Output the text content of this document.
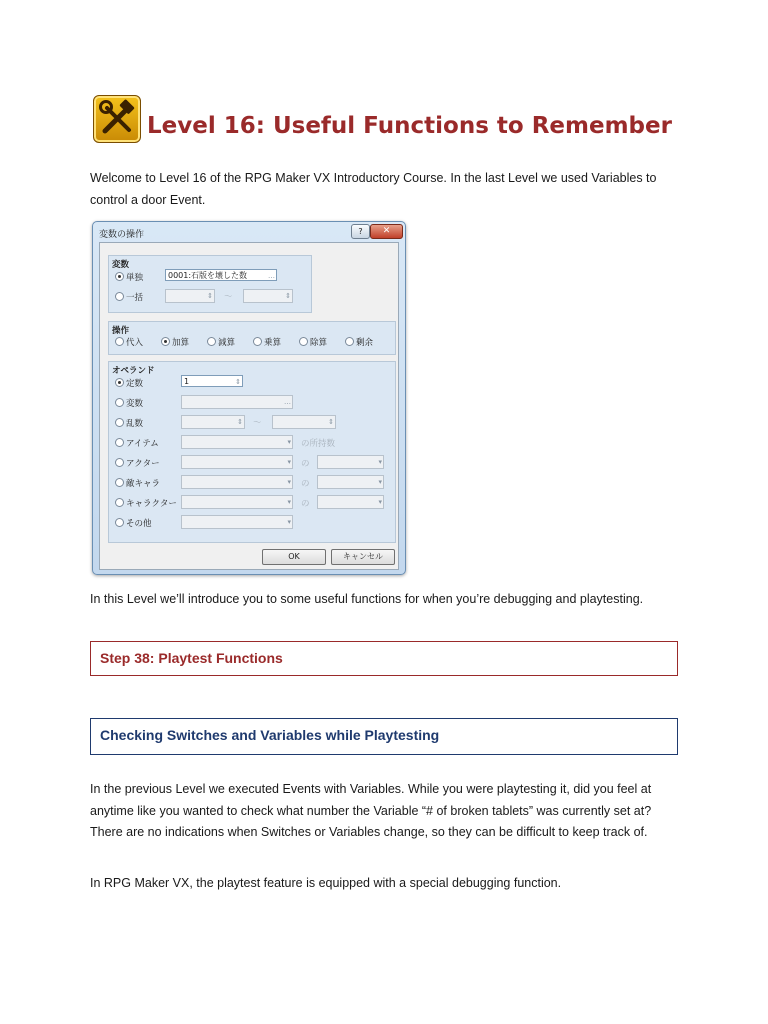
Level 16: Useful Functions to Remember

Welcome to Level 16 of the RPG Maker VX Introductory Course. In the last Level we used Variables to control a door Event.

変数の操作	?	✕
変数
単独	0001:石版を壊した数	…
一括	⇕ 〜	⇕
操作
代入	加算	減算	乗算	除算	剰余
オペランド
定数	1	⇕
変数	…
乱数	⇕ 〜	⇕
アイテム	▾ の所持数
アクター	▾ の	▾
敵キャラ	▾ の	▾
キャラクター	▾ の	▾
その他	▾
OK	キャンセル

In this Level we’ll introduce you to some useful functions for when you’re debugging and playtesting.

Step 38: Playtest Functions
Checking Switches and Variables while Playtesting

In the previous Level we executed Events with Variables. While you were playtesting it, did you feel at anytime like you wanted to check what number the Variable “# of broken tablets” was currently set at? There are no indications when Switches or Variables change, so they can be difficult to keep track of.

In RPG Maker VX, the playtest feature is equipped with a special debugging function.
